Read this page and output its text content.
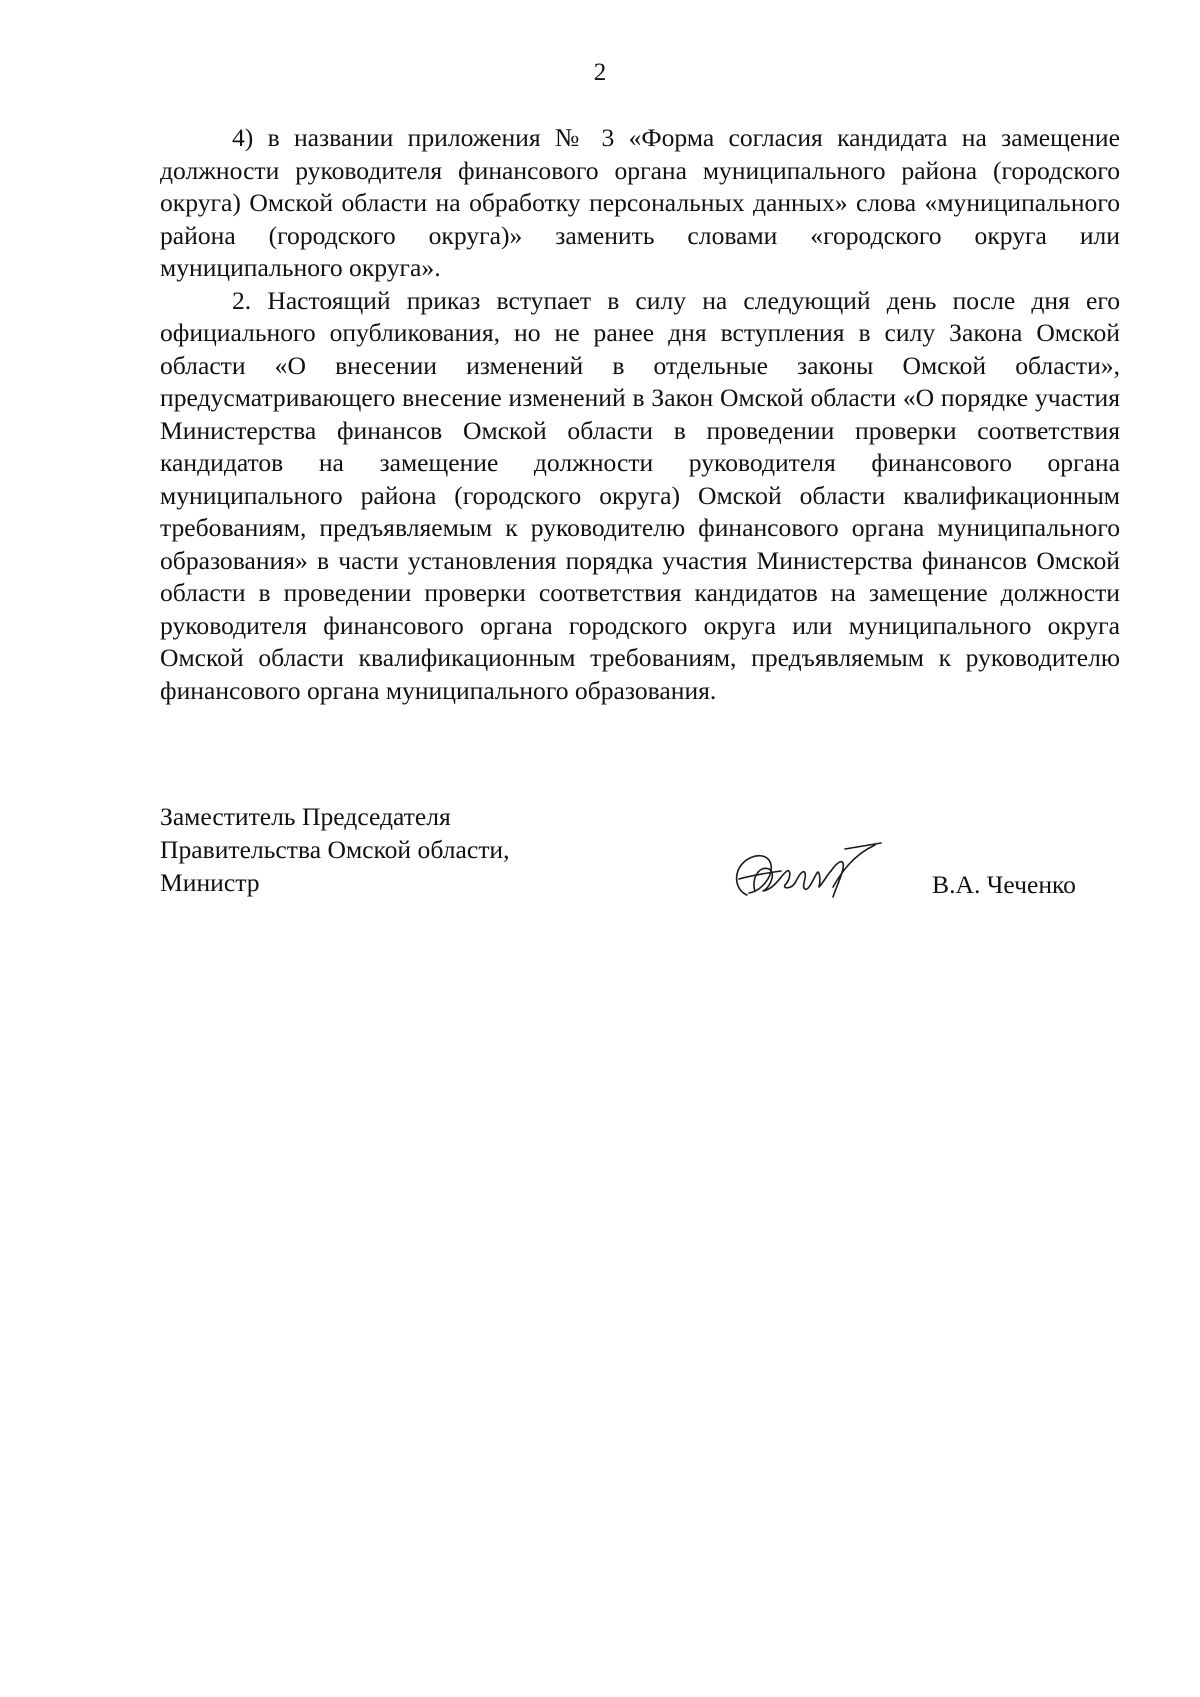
2

4) в названии приложения № 3 «Форма согласия кандидата на замещение должности руководителя финансового органа муниципального района (городского округа) Омской области на обработку персональных данных» слова «муниципального района (городского округа)» заменить словами «городского округа или муниципального округа».

2. Настоящий приказ вступает в силу на следующий день после дня его официального опубликования, но не ранее дня вступления в силу Закона Омской области «О внесении изменений в отдельные законы Омской области», предусматривающего внесение изменений в Закон Омской области «О порядке участия Министерства финансов Омской области в проведении проверки соответствия кандидатов на замещение должности руководителя финансового органа муниципального района (городского округа) Омской области квалификационным требованиям, предъявляемым к руководителю финансового органа муниципального образования» в части установления порядка участия Министерства финансов Омской области в проведении проверки соответствия кандидатов на замещение должности руководителя финансового органа городского округа или муниципального округа Омской области квалификационным требованиям, предъявляемым к руководителю финансового органа муниципального образования.

Заместитель Председателя
Правительства Омской области,
Министр	В.А. Чеченко
